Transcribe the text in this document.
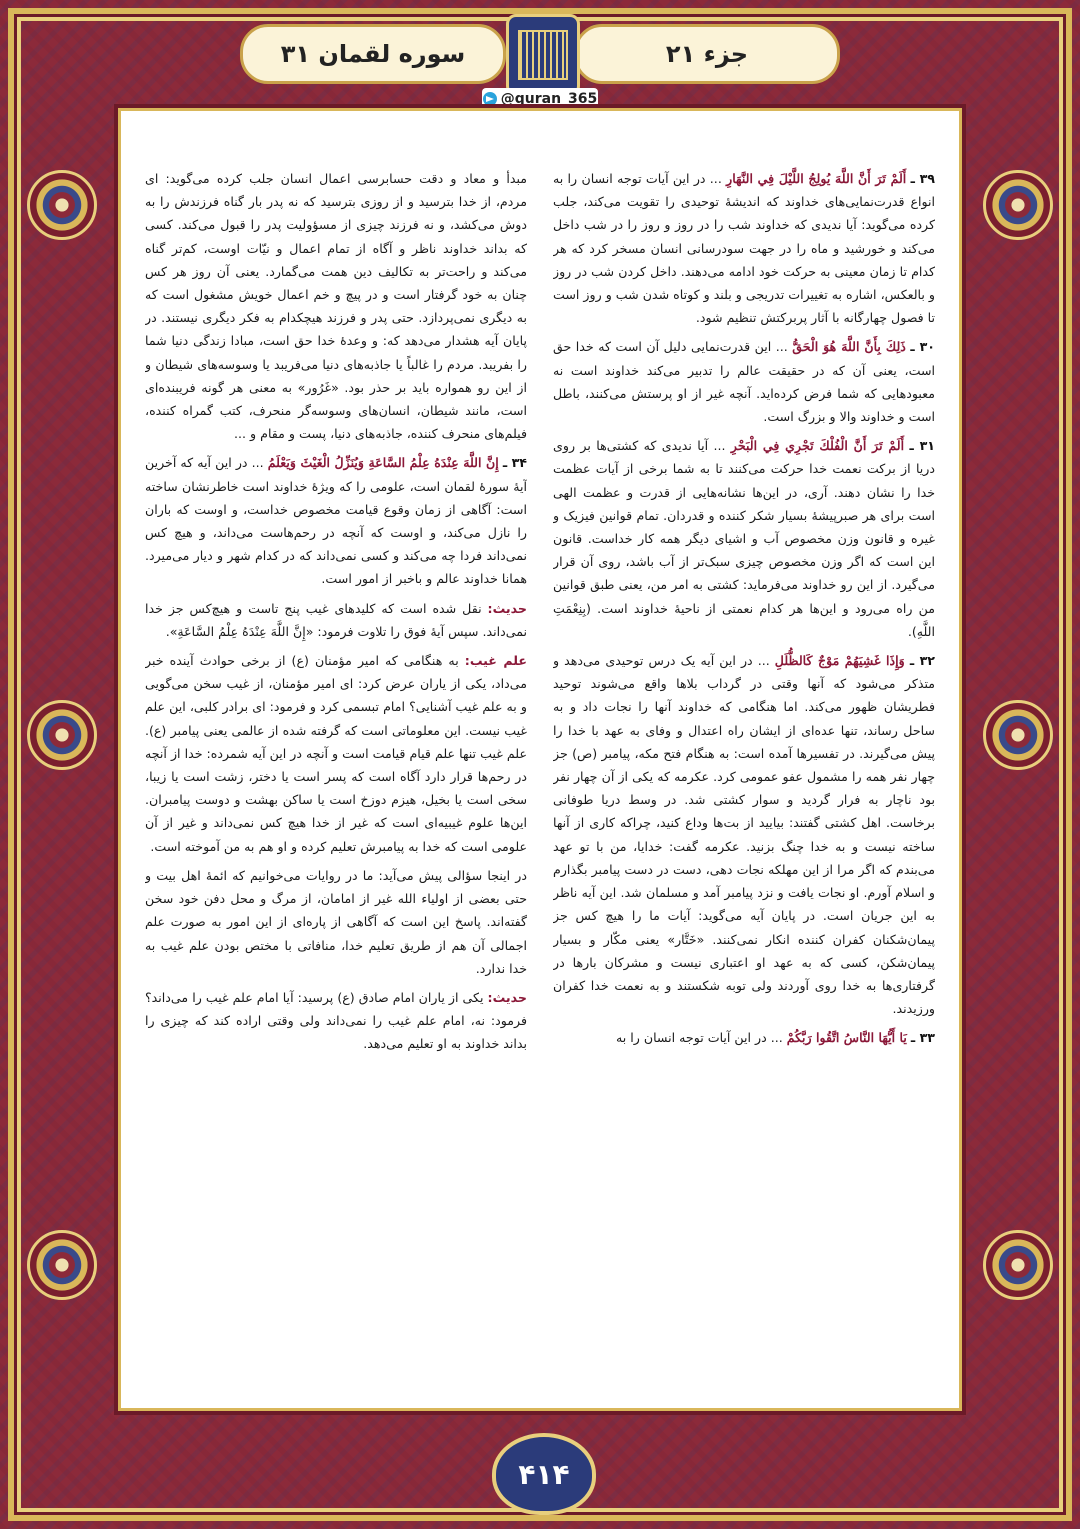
جزء ۲۱
سوره لقمان ۳۱
@quran_365

۳۹ ـ أَلَمْ تَرَ أَنَّ اللَّهَ يُولِجُ اللَّيْلَ فِي النَّهَارِ ... در این آیات توجه انسان را به انواع قدرت‌نمایی‌های خداوند که اندیشهٔ توحیدی را تقویت می‌کند، جلب کرده می‌گوید: آیا ندیدی که خداوند شب را در روز و روز را در شب داخل می‌کند و خورشید و ماه را در جهت سودرسانی انسان مسخر کرد که هر کدام تا زمان معینی به حرکت خود ادامه می‌دهند. داخل کردن شب در روز و بالعکس، اشاره به تغییرات تدریجی و بلند و کوتاه شدن شب و روز است تا فصول چهارگانه با آثار پربرکتش تنظیم شود.

۳۰ ـ ذَلِكَ بِأَنَّ اللَّهَ هُوَ الْحَقُّ ... این قدرت‌نمایی دلیل آن است که خدا حق است، یعنی آن که در حقیقت عالم را تدبیر می‌کند خداوند است نه معبودهایی که شما فرض کرده‌اید. آنچه غیر از او پرستش می‌کنند، باطل است و خداوند والا و بزرگ است.

۳۱ ـ أَلَمْ تَرَ أَنَّ الْفُلْكَ تَجْرِي فِي الْبَحْرِ ... آیا ندیدی که کشتی‌ها بر روی دریا از برکت نعمت خدا حرکت می‌کنند تا به شما برخی از آیات عظمت خدا را نشان دهند. آری، در این‌ها نشانه‌هایی از قدرت و عظمت الهی است برای هر صبرپیشهٔ بسیار شکر کننده و قدردان. تمام قوانین فیزیک و غیره و قانون وزن مخصوص آب و اشیای دیگر همه کار خداست. قانون این است که اگر وزن مخصوص چیزی سبک‌تر از آب باشد، روی آن قرار می‌گیرد. از این رو خداوند می‌فرماید: کشتی به امر من، یعنی طبق قوانین من راه می‌رود و این‌ها هر کدام نعمتی از ناحیهٔ خداوند است. (بِنِعْمَتِ اللَّهِ).

۳۲ ـ وَإِذَا غَشِيَهُمْ مَوْجٌ كَالظُّلَلِ ... در این آیه یک درس توحیدی می‌دهد و متذکر می‌شود که آنها وقتی در گرداب بلاها واقع می‌شوند توحید فطریشان ظهور می‌کند. اما هنگامی که خداوند آنها را نجات داد و به ساحل رساند، تنها عده‌ای از ایشان راه اعتدال و وفای به عهد با خدا را پیش می‌گیرند. در تفسیرها آمده است: به هنگام فتح مکه، پیامبر (ص) جز چهار نفر همه را مشمول عفو عمومی کرد. عکرمه که یکی از آن چهار نفر بود ناچار به فرار گردید و سوار کشتی شد. در وسط دریا طوفانی برخاست. اهل کشتی گفتند: بیایید از بت‌ها وداع کنید، چراکه کاری از آنها ساخته نیست و به خدا چنگ بزنید. عکرمه گفت: خدایا، من با تو عهد می‌بندم که اگر مرا از این مهلکه نجات دهی، دست در دست پیامبر بگذارم و اسلام آورم. او نجات یافت و نزد پیامبر آمد و مسلمان شد. این آیه ناظر به این جریان است. در پایان آیه می‌گوید: آیات ما را هیچ کس جز پیمان‌شکنان کفران کننده انکار نمی‌کنند. «خَتَّار» یعنی مکّار و بسیار پیمان‌شکن، کسی که به عهد او اعتباری نیست و مشرکان بارها در گرفتاری‌ها به خدا روی آوردند ولی توبه شکستند و به نعمت خدا کفران ورزیدند.

۳۳ ـ يَا أَيُّهَا النَّاسُ اتَّقُوا رَبَّكُمْ ... در این آیات توجه انسان را به

مبدأ و معاد و دقت حسابرسی اعمال انسان جلب کرده می‌گوید: ای مردم، از خدا بترسید و از روزی بترسید که نه پدر بار گناه فرزندش را به دوش می‌کشد، و نه فرزند چیزی از مسؤولیت پدر را قبول می‌کند. کسی که بداند خداوند ناظر و آگاه از تمام اعمال و نیّات اوست، کم‌تر گناه می‌کند و راحت‌تر به تکالیف دین همت می‌گمارد. یعنی آن روز هر کس چنان به خود گرفتار است و در پیچ و خم اعمال خویش مشغول است که به دیگری نمی‌پردازد. حتی پدر و فرزند هیچکدام به فکر دیگری نیستند. در پایان آیه هشدار می‌دهد که: و وعدهٔ خدا حق است، مبادا زندگی دنیا شما را بفریبد. مردم را غالباً یا جاذبه‌های دنیا می‌فریبد یا وسوسه‌های شیطان و از این رو همواره باید بر حذر بود. «غَرُور» به معنی هر گونه فریبنده‌ای است، مانند شیطان، انسان‌های وسوسه‌گر منحرف، کتب گمراه کننده، فیلم‌های منحرف کننده، جاذبه‌های دنیا، پست و مقام و ...

۳۴ ـ إِنَّ اللَّهَ عِنْدَهُ عِلْمُ السَّاعَةِ وَيُنَزِّلُ الْغَيْثَ وَيَعْلَمُ ... در این آیه که آخرین آیهٔ سورهٔ لقمان است، علومی را که ویژهٔ خداوند است خاطرنشان ساخته است: آگاهی از زمان وقوع قیامت مخصوص خداست، و اوست که باران را نازل می‌کند، و اوست که آنچه در رحم‌هاست می‌داند، و هیچ کس نمی‌داند فردا چه می‌کند و کسی نمی‌داند که در کدام شهر و دیار می‌میرد. همانا خداوند عالم و باخبر از امور است.

حدیث: نقل شده است که کلیدهای غیب پنج تاست و هیچ‌کس جز خدا نمی‌داند. سپس آیهٔ فوق را تلاوت فرمود: «إِنَّ اللَّهَ عِنْدَهُ عِلْمُ السَّاعَةِ».

علم غیب: به هنگامی که امیر مؤمنان (ع) از برخی حوادث آینده خبر می‌داد، یکی از یاران عرض کرد: ای امیر مؤمنان، از غیب سخن می‌گویی و به علم غیب آشنایی؟ امام تبسمی کرد و فرمود: ای برادر کلبی، این علم غیب نیست. این معلوماتی است که گرفته شده از عالمی یعنی پیامبر (ع). علم غیب تنها علم قیام قیامت است و آنچه در این آیه شمرده: خدا از آنچه در رحم‌ها قرار دارد آگاه است که پسر است یا دختر، زشت است یا زیبا، سخی است یا بخیل، هیزم دوزخ است یا ساکن بهشت و دوست پیامبران. این‌ها علوم غیبیه‌ای است که غیر از خدا هیچ کس نمی‌داند و غیر از آن علومی است که خدا به پیامبرش تعلیم کرده و او هم به من آموخته است.

در اینجا سؤالی پیش می‌آید: ما در روایات می‌خوانیم که ائمهٔ اهل بیت و حتی بعضی از اولیاء الله غیر از امامان، از مرگ و محل دفن خود سخن گفته‌اند. پاسخ این است که آگاهی از پاره‌ای از این امور به صورت علم اجمالی آن هم از طریق تعلیم خدا، منافاتی با مختص بودن علم غیب به خدا ندارد.

حدیث: یکی از یاران امام صادق (ع) پرسید: آیا امام علم غیب را می‌داند؟ فرمود: نه، امام علم غیب را نمی‌داند ولی وقتی اراده کند که چیزی را بداند خداوند به او تعلیم می‌دهد.

۴۱۴
